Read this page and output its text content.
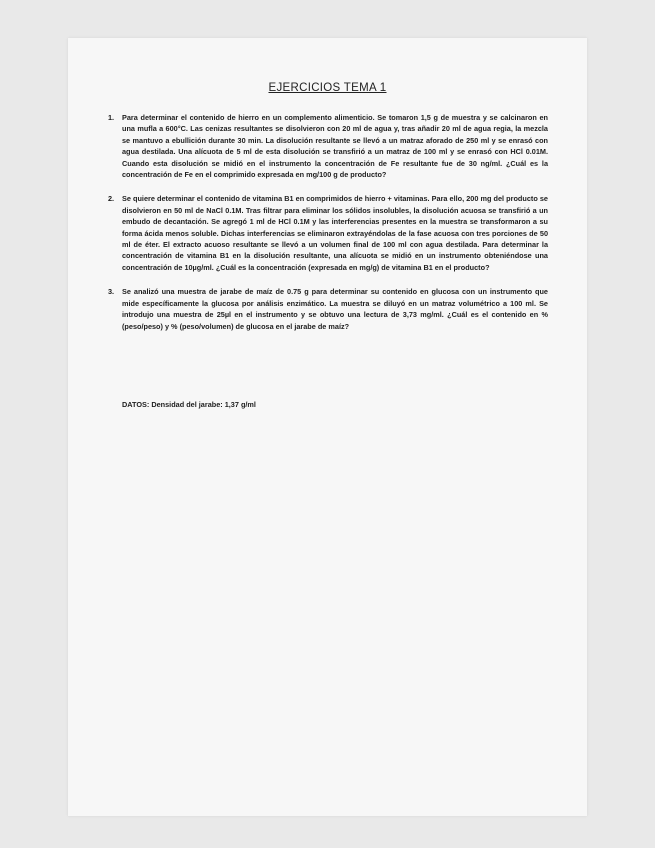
EJERCICIOS TEMA 1
1.	Para determinar el contenido de hierro en un complemento alimenticio. Se tomaron 1,5 g de muestra y se calcinaron en una mufla a 600°C. Las cenizas resultantes se disolvieron con 20 ml de agua y, tras añadir 20 ml de agua regia, la mezcla se mantuvo a ebullición durante 30 min. La disolución resultante se llevó a un matraz aforado de 250 ml y se enrasó con agua destilada. Una alícuota de 5 ml de esta disolución se transfirió a un matraz de 100 ml y se enrasó con HCl 0.01M. Cuando esta disolución se midió en el instrumento la concentración de Fe resultante fue de 30 ng/ml. ¿Cuál es la concentración de Fe en el comprimido expresada en mg/100 g de producto?
2.	Se quiere determinar el contenido de vitamina B1 en comprimidos de hierro + vitaminas. Para ello, 200 mg del producto se disolvieron en 50 ml de NaCl 0.1M. Tras filtrar para eliminar los sólidos insolubles, la disolución acuosa se transfirió a un embudo de decantación. Se agregó 1 ml de HCl 0.1M y las interferencias presentes en la muestra se transformaron a su forma ácida menos soluble. Dichas interferencias se eliminaron extrayéndolas de la fase acuosa con tres porciones de 50 ml de éter. El extracto acuoso resultante se llevó a un volumen final de 100 ml con agua destilada. Para determinar la concentración de vitamina B1 en la disolución resultante, una alícuota se midió en un instrumento obteniéndose una concentración de 10µg/ml. ¿Cuál es la concentración (expresada en mg/g) de vitamina B1 en el producto?
3.	Se analizó una muestra de jarabe de maíz de 0.75 g para determinar su contenido en glucosa con un instrumento que mide específicamente la glucosa por análisis enzimático. La muestra se diluyó en un matraz volumétrico a 100 ml. Se introdujo una muestra de 25µl en el instrumento y se obtuvo una lectura de 3,73 mg/ml. ¿Cuál es el contenido en % (peso/peso) y % (peso/volumen) de glucosa en el jarabe de maíz?
DATOS: Densidad del jarabe: 1,37 g/ml
